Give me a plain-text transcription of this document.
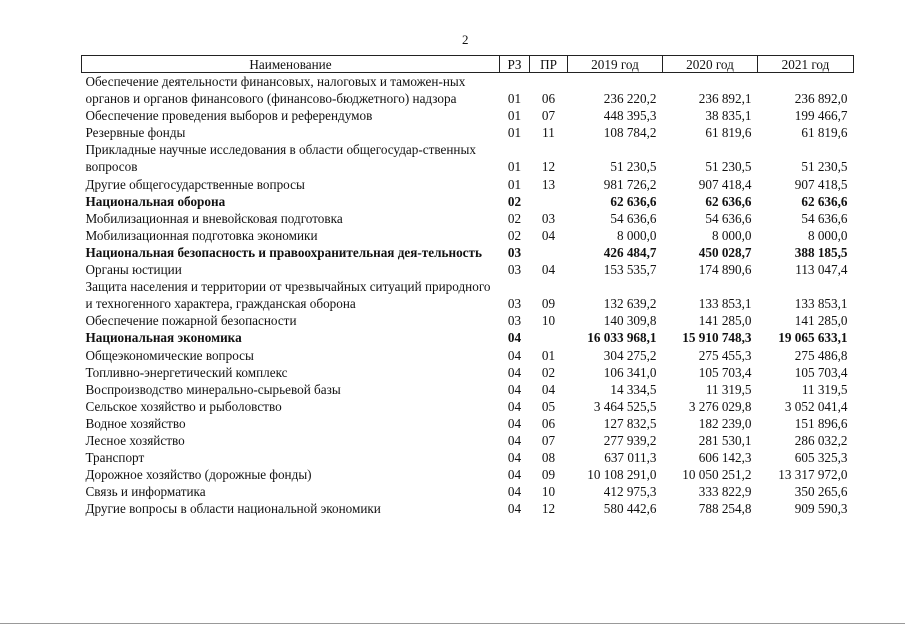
2
Наименование	РЗ	ПР	2019 год	2020 год	2021 год
Обеспечение деятельности финансовых, налоговых и таможен-ных органов и органов финансового (финансово-бюджетного) надзора	01	06	236 220,2	236 892,1	236 892,0
Обеспечение проведения выборов и референдумов	01	07	448 395,3	38 835,1	199 466,7
Резервные фонды	01	11	108 784,2	61 819,6	61 819,6
Прикладные научные исследования в области общегосудар-ственных вопросов	01	12	51 230,5	51 230,5	51 230,5
Другие общегосударственные вопросы	01	13	981 726,2	907 418,4	907 418,5
Национальная оборона	02		62 636,6	62 636,6	62 636,6
Мобилизационная и вневойсковая подготовка	02	03	54 636,6	54 636,6	54 636,6
Мобилизационная подготовка экономики	02	04	8 000,0	8 000,0	8 000,0
Национальная безопасность и правоохранительная дея-тельность	03		426 484,7	450 028,7	388 185,5
Органы юстиции	03	04	153 535,7	174 890,6	113 047,4
Защита населения и территории от чрезвычайных ситуаций природного и техногенного характера, гражданская оборона	03	09	132 639,2	133 853,1	133 853,1
Обеспечение пожарной безопасности	03	10	140 309,8	141 285,0	141 285,0
Национальная экономика	04		16 033 968,1	15 910 748,3	19 065 633,1
Общеэкономические вопросы	04	01	304 275,2	275 455,3	275 486,8
Топливно-энергетический комплекс	04	02	106 341,0	105 703,4	105 703,4
Воспроизводство минерально-сырьевой базы	04	04	14 334,5	11 319,5	11 319,5
Сельское хозяйство и рыболовство	04	05	3 464 525,5	3 276 029,8	3 052 041,4
Водное хозяйство	04	06	127 832,5	182 239,0	151 896,6
Лесное хозяйство	04	07	277 939,2	281 530,1	286 032,2
Транспорт	04	08	637 011,3	606 142,3	605 325,3
Дорожное хозяйство (дорожные фонды)	04	09	10 108 291,0	10 050 251,2	13 317 972,0
Связь и информатика	04	10	412 975,3	333 822,9	350 265,6
Другие вопросы в области национальной экономики	04	12	580 442,6	788 254,8	909 590,3
